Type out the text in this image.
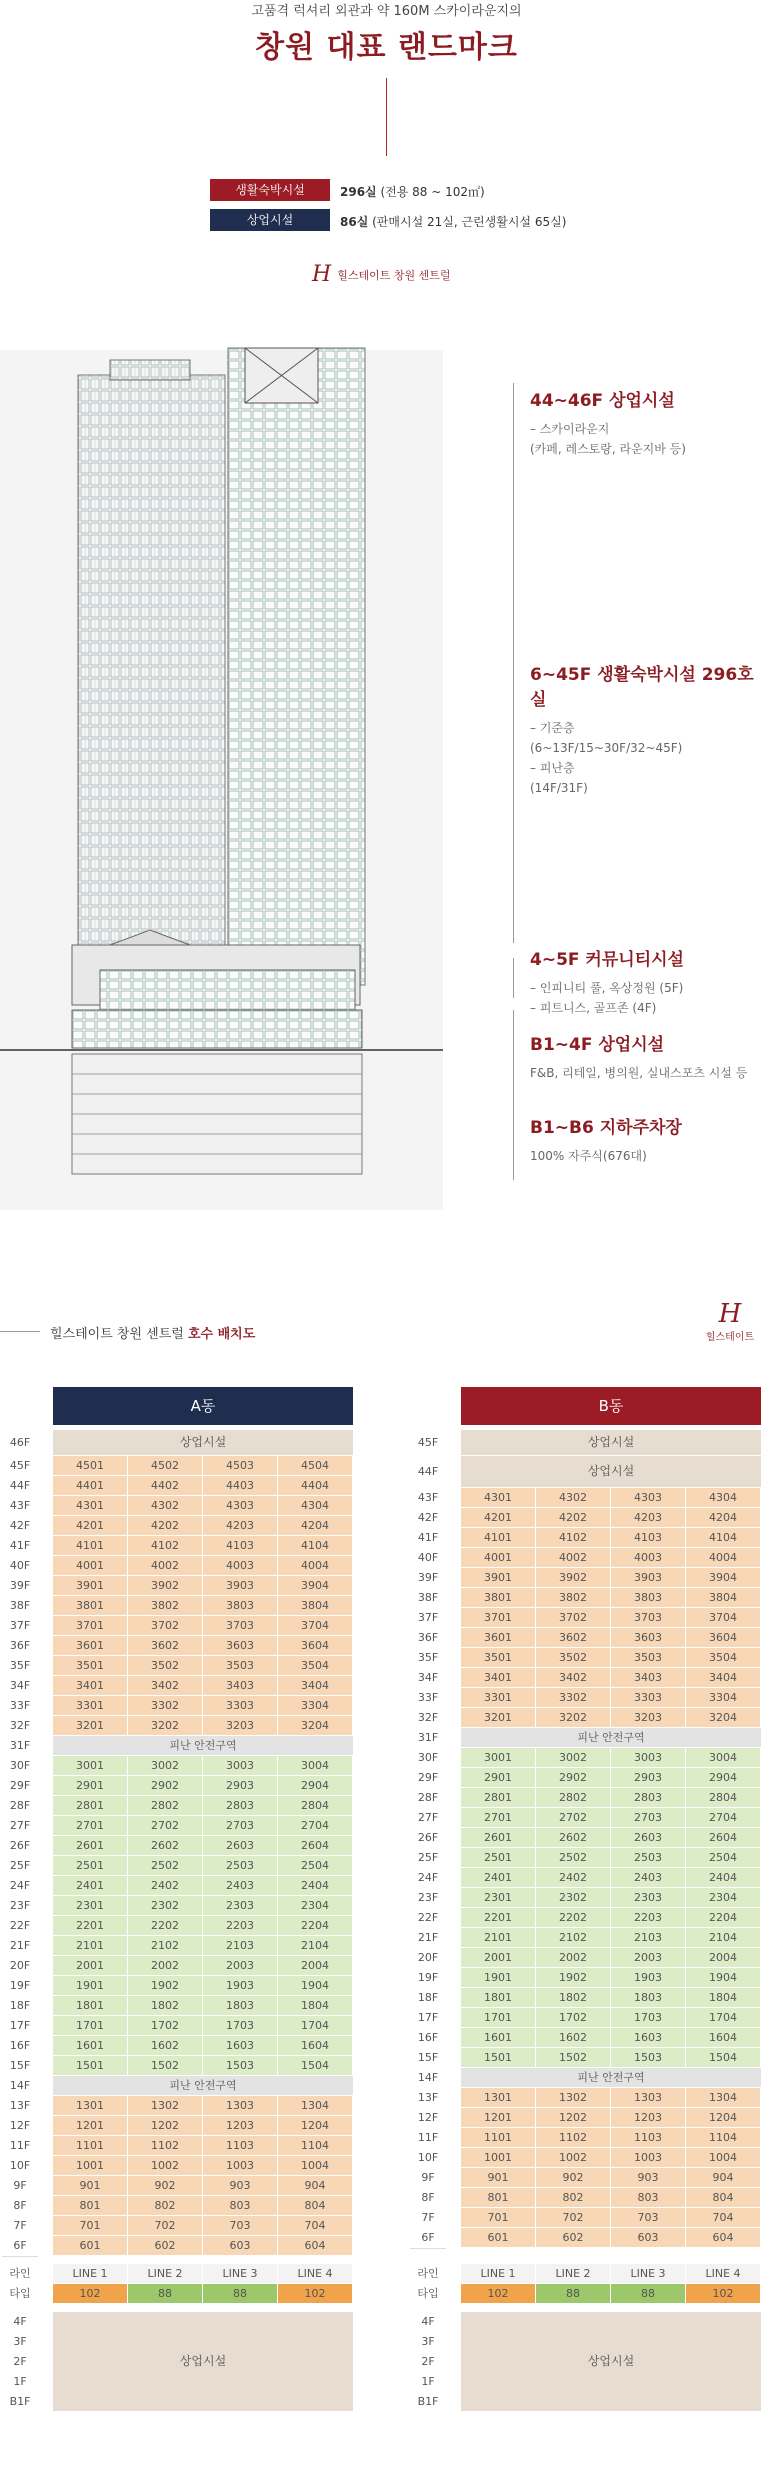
고품격 럭셔리 외관과 약 160M 스카이라운지의
창원 대표 랜드마크
생활숙박시설	296실 (전용 88 ~ 102㎡)
상업시설	86실 (판매시설 21실, 근린생활시설 65실)
H 힐스테이트 창원 센트럴
44~46F 상업시설
– 스카이라운지
(카페, 레스토랑, 라운지바 등)
6~45F 생활숙박시설 296호실
– 기준층
(6~13F/15~30F/32~45F)
– 피난층
(14F/31F)
4~5F 커뮤니티시설
– 인피니티 풀, 옥상정원 (5F)
– 피트니스, 골프존 (4F)
B1~4F 상업시설
F&B, 리테일, 병의원, 실내스포츠 시설 등
B1~B6 지하주차장
100% 자주식(676대)
힐스테이트 창원 센트럴 호수 배치도
H
힐스테이트
A동	B동
46F	상업시설
45F	4501	4502	4503	4504
44F	4401	4402	4403	4404
43F	4301	4302	4303	4304
42F	4201	4202	4203	4204
41F	4101	4102	4103	4104
40F	4001	4002	4003	4004
39F	3901	3902	3903	3904
38F	3801	3802	3803	3804
37F	3701	3702	3703	3704
36F	3601	3602	3603	3604
35F	3501	3502	3503	3504
34F	3401	3402	3403	3404
33F	3301	3302	3303	3304
32F	3201	3202	3203	3204
31F	피난 안전구역
30F	3001	3002	3003	3004
29F	2901	2902	2903	2904
28F	2801	2802	2803	2804
27F	2701	2702	2703	2704
26F	2601	2602	2603	2604
25F	2501	2502	2503	2504
24F	2401	2402	2403	2404
23F	2301	2302	2303	2304
22F	2201	2202	2203	2204
21F	2101	2102	2103	2104
20F	2001	2002	2003	2004
19F	1901	1902	1903	1904
18F	1801	1802	1803	1804
17F	1701	1702	1703	1704
16F	1601	1602	1603	1604
15F	1501	1502	1503	1504
14F	피난 안전구역
13F	1301	1302	1303	1304
12F	1201	1202	1203	1204
11F	1101	1102	1103	1104
10F	1001	1002	1003	1004
9F	901	902	903	904
8F	801	802	803	804
7F	701	702	703	704
6F	601	602	603	604
45F	상업시설
44F	상업시설
43F	4301	4302	4303	4304
42F	4201	4202	4203	4204
41F	4101	4102	4103	4104
40F	4001	4002	4003	4004
39F	3901	3902	3903	3904
38F	3801	3802	3803	3804
37F	3701	3702	3703	3704
36F	3601	3602	3603	3604
35F	3501	3502	3503	3504
34F	3401	3402	3403	3404
33F	3301	3302	3303	3304
32F	3201	3202	3203	3204
31F	피난 안전구역
30F	3001	3002	3003	3004
29F	2901	2902	2903	2904
28F	2801	2802	2803	2804
27F	2701	2702	2703	2704
26F	2601	2602	2603	2604
25F	2501	2502	2503	2504
24F	2401	2402	2403	2404
23F	2301	2302	2303	2304
22F	2201	2202	2203	2204
21F	2101	2102	2103	2104
20F	2001	2002	2003	2004
19F	1901	1902	1903	1904
18F	1801	1802	1803	1804
17F	1701	1702	1703	1704
16F	1601	1602	1603	1604
15F	1501	1502	1503	1504
14F	피난 안전구역
13F	1301	1302	1303	1304
12F	1201	1202	1203	1204
11F	1101	1102	1103	1104
10F	1001	1002	1003	1004
9F	901	902	903	904
8F	801	802	803	804
7F	701	702	703	704
6F	601	602	603	604
라인	LINE 1	LINE 2	LINE 3	LINE 4
타입	102	88	88	102
4F
3F
2F
1F
B1F
상업시설
라인	LINE 1	LINE 2	LINE 3	LINE 4
타입	102	88	88	102
4F
3F
2F
1F
B1F
상업시설
